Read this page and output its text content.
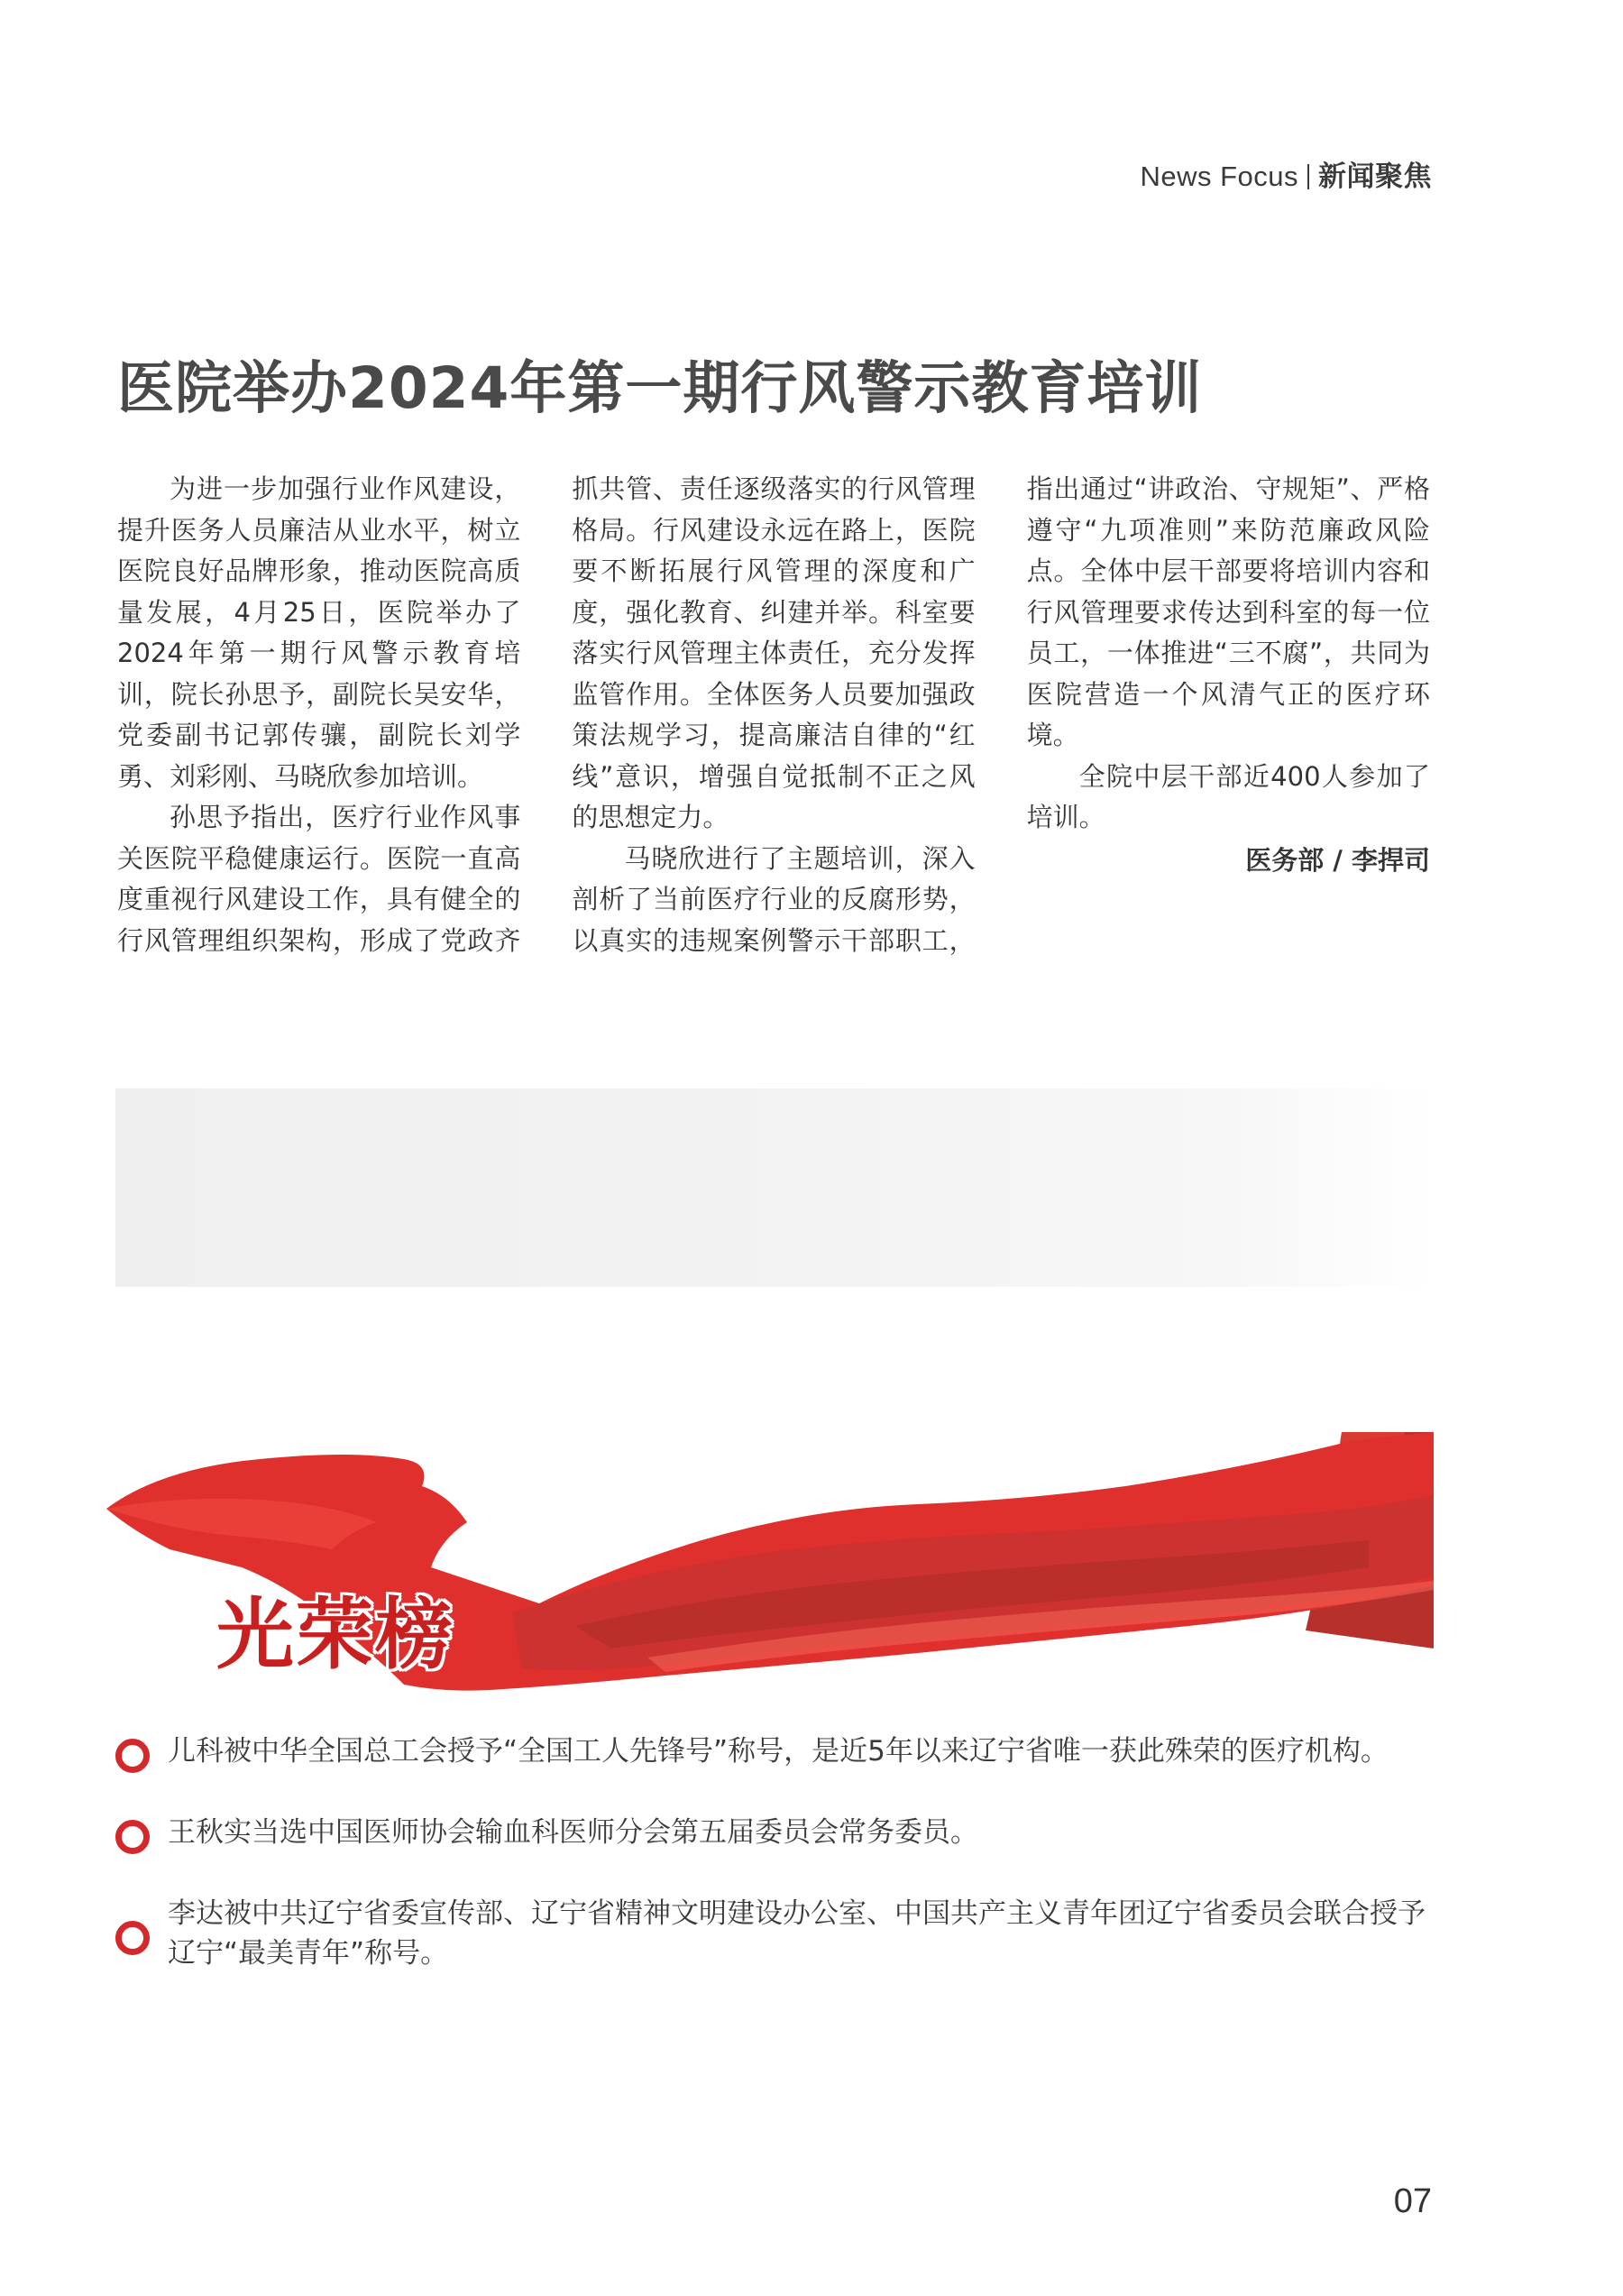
News Focus 新闻聚焦
医院举办2024年第一期行风警示教育培训

为进一步加强行业作风建设，提升医务人员廉洁从业水平，树立医院良好品牌形象，推动医院高质量发展，4月25日，医院举办了2024年第一期行风警示教育培训，院长孙思予，副院长吴安华，党委副书记郭传骧，副院长刘学勇、刘彩刚、马晓欣参加培训。

孙思予指出，医疗行业作风事关医院平稳健康运行。医院一直高度重视行风建设工作，具有健全的行风管理组织架构，形成了党政齐抓共管、责任逐级落实的行风管理格局。行风建设永远在路上，医院要不断拓展行风管理的深度和广度，强化教育、纠建并举。科室要落实行风管理主体责任，充分发挥监管作用。全体医务人员要加强政策法规学习，提高廉洁自律的“红线”意识，增强自觉抵制不正之风的思想定力。

马晓欣进行了主题培训，深入剖析了当前医疗行业的反腐形势，以真实的违规案例警示干部职工，指出通过“讲政治、守规矩”、严格遵守“九项准则”来防范廉政风险点。全体中层干部要将培训内容和行风管理要求传达到科室的每一位员工，一体推进“三不腐”，共同为医院营造一个风清气正的医疗环境。

全院中层干部近400人参加了培训。

医务部 / 李捍司

光荣榜
儿科被中华全国总工会授予“全国工人先锋号”称号，是近5年以来辽宁省唯一获此殊荣的医疗机构。
王秋实当选中国医师协会输血科医师分会第五届委员会常务委员。
李达被中共辽宁省委宣传部、辽宁省精神文明建设办公室、中国共产主义青年团辽宁省委员会联合授予辽宁“最美青年”称号。
07
